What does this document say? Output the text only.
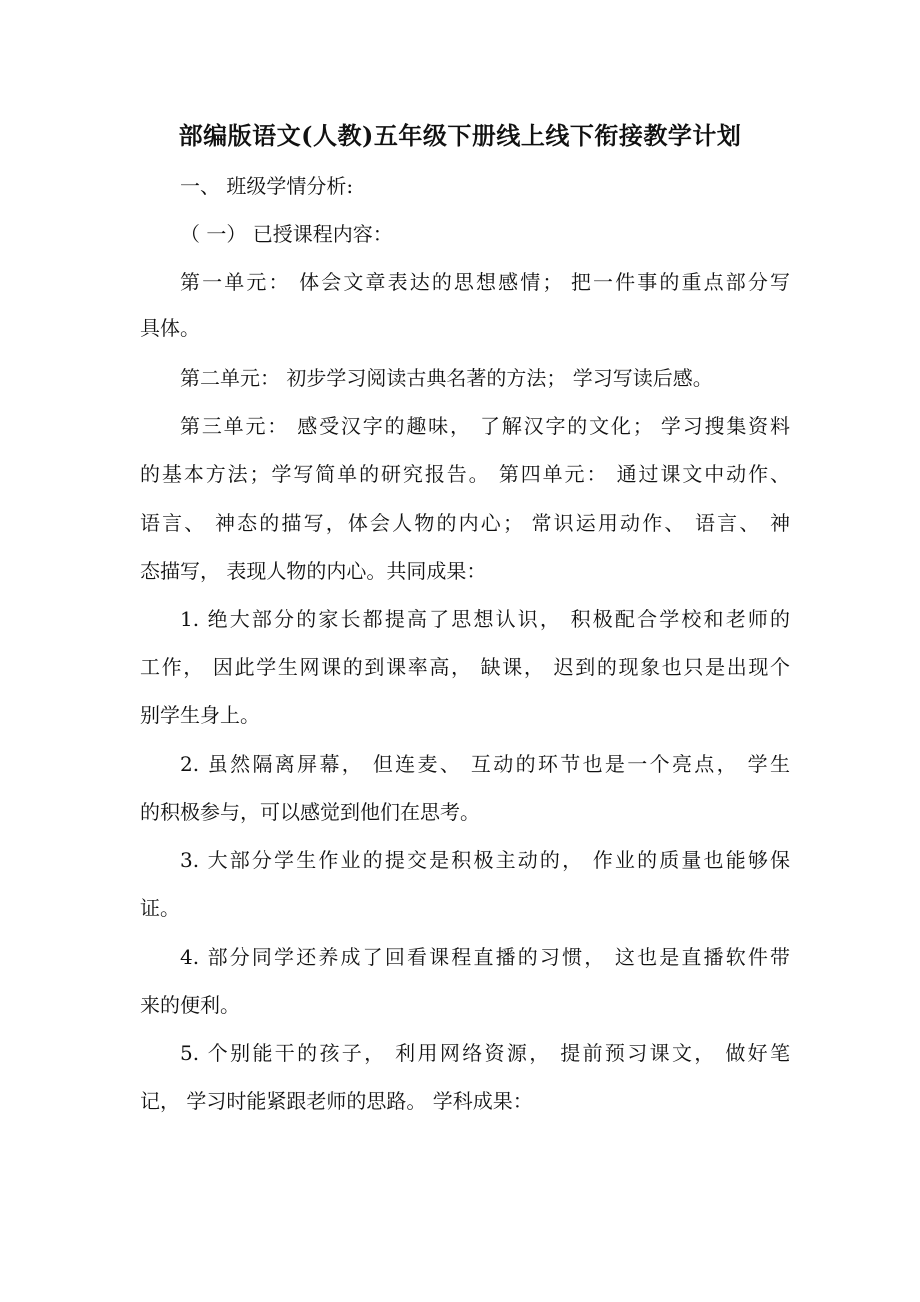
部编版语文(人教)五年级下册线上线下衔接教学计划
一、 班级学情分析:
（ 一） 已授课程内容：
第一单元： 体会文章表达的思想感情； 把一件事的重点部分写
具体。
第二单元： 初步学习阅读古典名著的方法； 学习写读后感。
第三单元： 感受汉字的趣味， 了解汉字的文化； 学习搜集资料
的基本方法；学写简单的研究报告。 第四单元： 通过课文中动作、
语言、 神态的描写，体会人物的内心； 常识运用动作、 语言、 神
态描写， 表现人物的内心。共同成果：
1. 绝大部分的家长都提高了思想认识， 积极配合学校和老师的
工作， 因此学生网课的到课率高， 缺课， 迟到的现象也只是出现个
别学生身上。
2. 虽然隔离屏幕， 但连麦、 互动的环节也是一个亮点， 学生
的积极参与，可以感觉到他们在思考。
3. 大部分学生作业的提交是积极主动的， 作业的质量也能够保
证。
4. 部分同学还养成了回看课程直播的习惯， 这也是直播软件带
来的便利。
5. 个别能干的孩子， 利用网络资源， 提前预习课文， 做好笔
记， 学习时能紧跟老师的思路。 学科成果：
